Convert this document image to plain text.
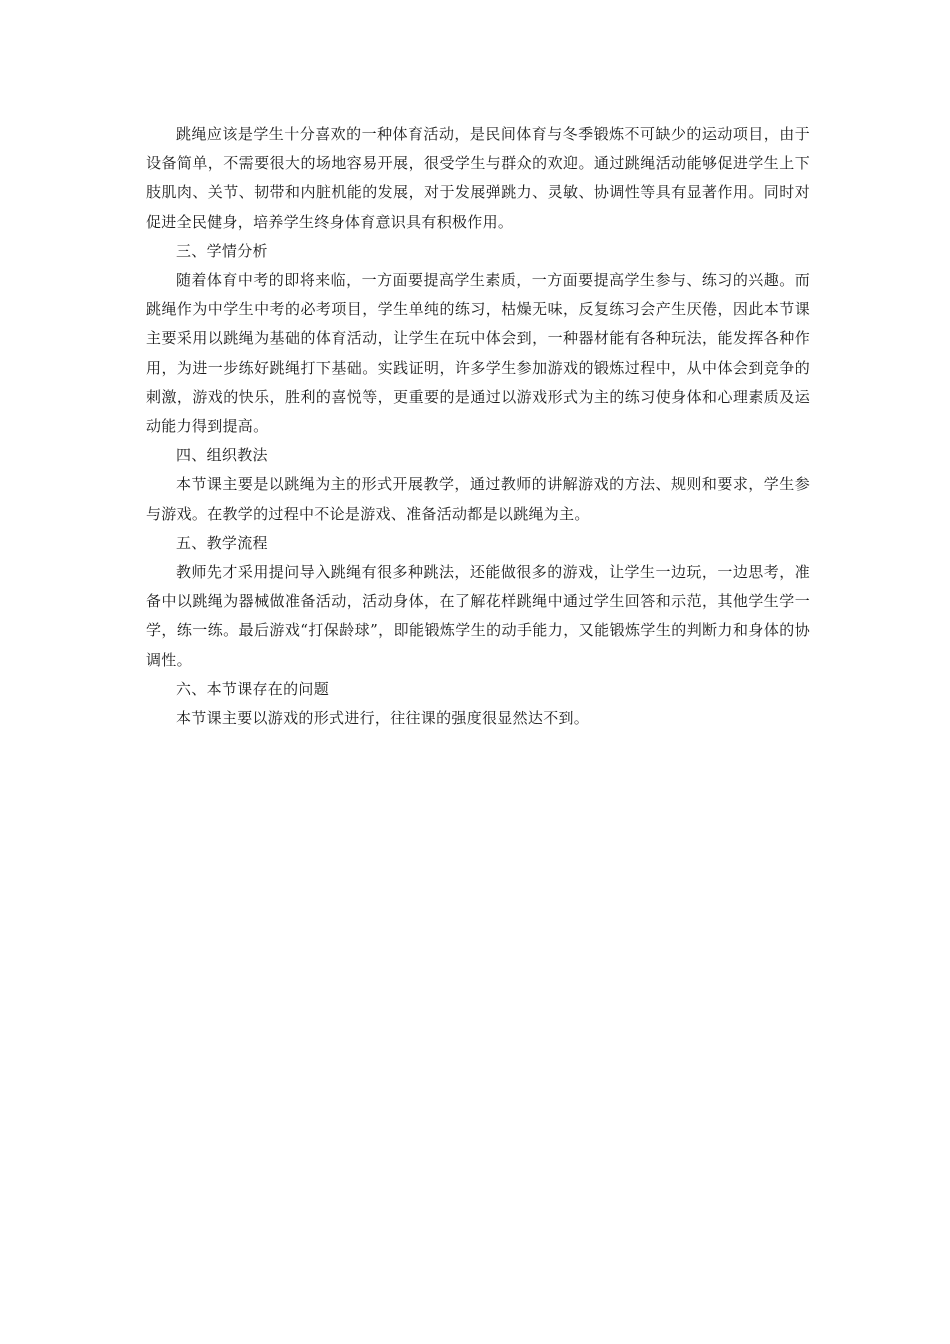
跳绳应该是学生十分喜欢的一种体育活动，是民间体育与冬季锻炼不可缺少的运动项目，由于设备简单，不需要很大的场地容易开展，很受学生与群众的欢迎。通过跳绳活动能够促进学生上下肢肌肉、关节、韧带和内脏机能的发展，对于发展弹跳力、灵敏、协调性等具有显著作用。同时对促进全民健身，培养学生终身体育意识具有积极作用。

三、学情分析

随着体育中考的即将来临，一方面要提高学生素质，一方面要提高学生参与、练习的兴趣。而跳绳作为中学生中考的必考项目，学生单纯的练习，枯燥无味，反复练习会产生厌倦，因此本节课主要采用以跳绳为基础的体育活动，让学生在玩中体会到，一种器材能有各种玩法，能发挥各种作用，为进一步练好跳绳打下基础。实践证明，许多学生参加游戏的锻炼过程中，从中体会到竞争的刺激，游戏的快乐，胜利的喜悦等，更重要的是通过以游戏形式为主的练习使身体和心理素质及运动能力得到提高。

四、组织教法

本节课主要是以跳绳为主的形式开展教学，通过教师的讲解游戏的方法、规则和要求，学生参与游戏。在教学的过程中不论是游戏、准备活动都是以跳绳为主。

五、教学流程

教师先才采用提问导入跳绳有很多种跳法，还能做很多的游戏，让学生一边玩，一边思考，准备中以跳绳为器械做准备活动，活动身体，在了解花样跳绳中通过学生回答和示范，其他学生学一学，练一练。最后游戏“打保龄球”，即能锻炼学生的动手能力，又能锻炼学生的判断力和身体的协调性。

六、本节课存在的问题

本节课主要以游戏的形式进行，往往课的强度很显然达不到。
